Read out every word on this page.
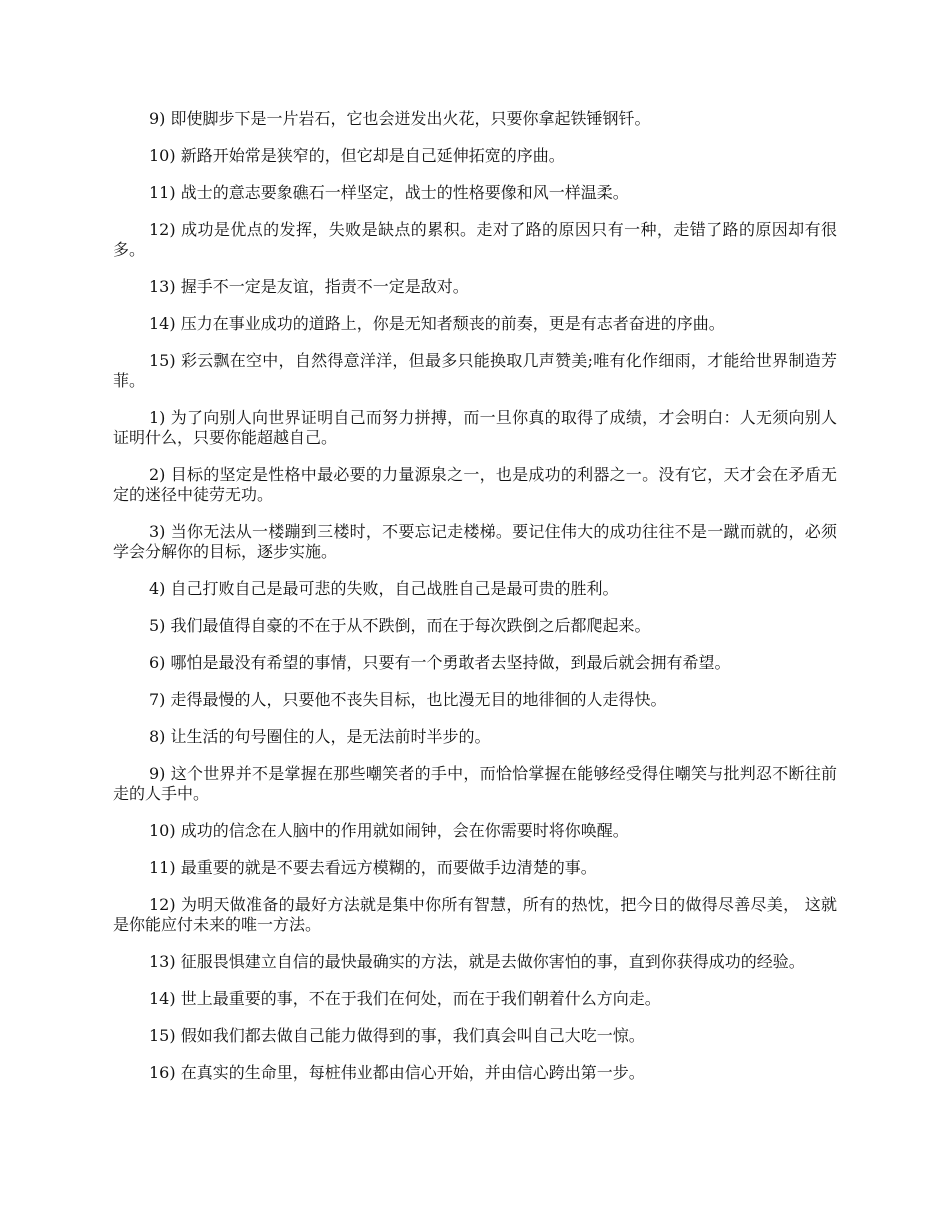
9) 即使脚步下是一片岩石，它也会迸发出火花，只要你拿起铁锤钢钎。

10) 新路开始常是狭窄的，但它却是自己延伸拓宽的序曲。

11) 战士的意志要象礁石一样坚定，战士的性格要像和风一样温柔。

12) 成功是优点的发挥，失败是缺点的累积。走对了路的原因只有一种，走错了路的原因却有很多。

13) 握手不一定是友谊，指责不一定是敌对。

14) 压力在事业成功的道路上，你是无知者颓丧的前奏，更是有志者奋进的序曲。

15) 彩云飘在空中，自然得意洋洋，但最多只能换取几声赞美;唯有化作细雨，才能给世界制造芳菲。

1) 为了向别人向世界证明自己而努力拼搏，而一旦你真的取得了成绩，才会明白：人无须向别人证明什么，只要你能超越自己。

2) 目标的坚定是性格中最必要的力量源泉之一，也是成功的利器之一。没有它，天才会在矛盾无定的迷径中徒劳无功。

3) 当你无法从一楼蹦到三楼时，不要忘记走楼梯。要记住伟大的成功往往不是一蹴而就的，必须学会分解你的目标，逐步实施。

4) 自己打败自己是最可悲的失败，自己战胜自己是最可贵的胜利。

5) 我们最值得自豪的不在于从不跌倒，而在于每次跌倒之后都爬起来。

6) 哪怕是最没有希望的事情，只要有一个勇敢者去坚持做，到最后就会拥有希望。

7) 走得最慢的人，只要他不丧失目标，也比漫无目的地徘徊的人走得快。

8) 让生活的句号圈住的人，是无法前时半步的。

9) 这个世界并不是掌握在那些嘲笑者的手中，而恰恰掌握在能够经受得住嘲笑与批判忍不断往前走的人手中。

10) 成功的信念在人脑中的作用就如闹钟，会在你需要时将你唤醒。

11) 最重要的就是不要去看远方模糊的，而要做手边清楚的事。

12) 为明天做准备的最好方法就是集中你所有智慧，所有的热忱，把今日的做得尽善尽美， 这就是你能应付未来的唯一方法。

13) 征服畏惧建立自信的最快最确实的方法，就是去做你害怕的事，直到你获得成功的经验。

14) 世上最重要的事，不在于我们在何处，而在于我们朝着什么方向走。

15) 假如我们都去做自己能力做得到的事，我们真会叫自己大吃一惊。

16) 在真实的生命里，每桩伟业都由信心开始，并由信心跨出第一步。
